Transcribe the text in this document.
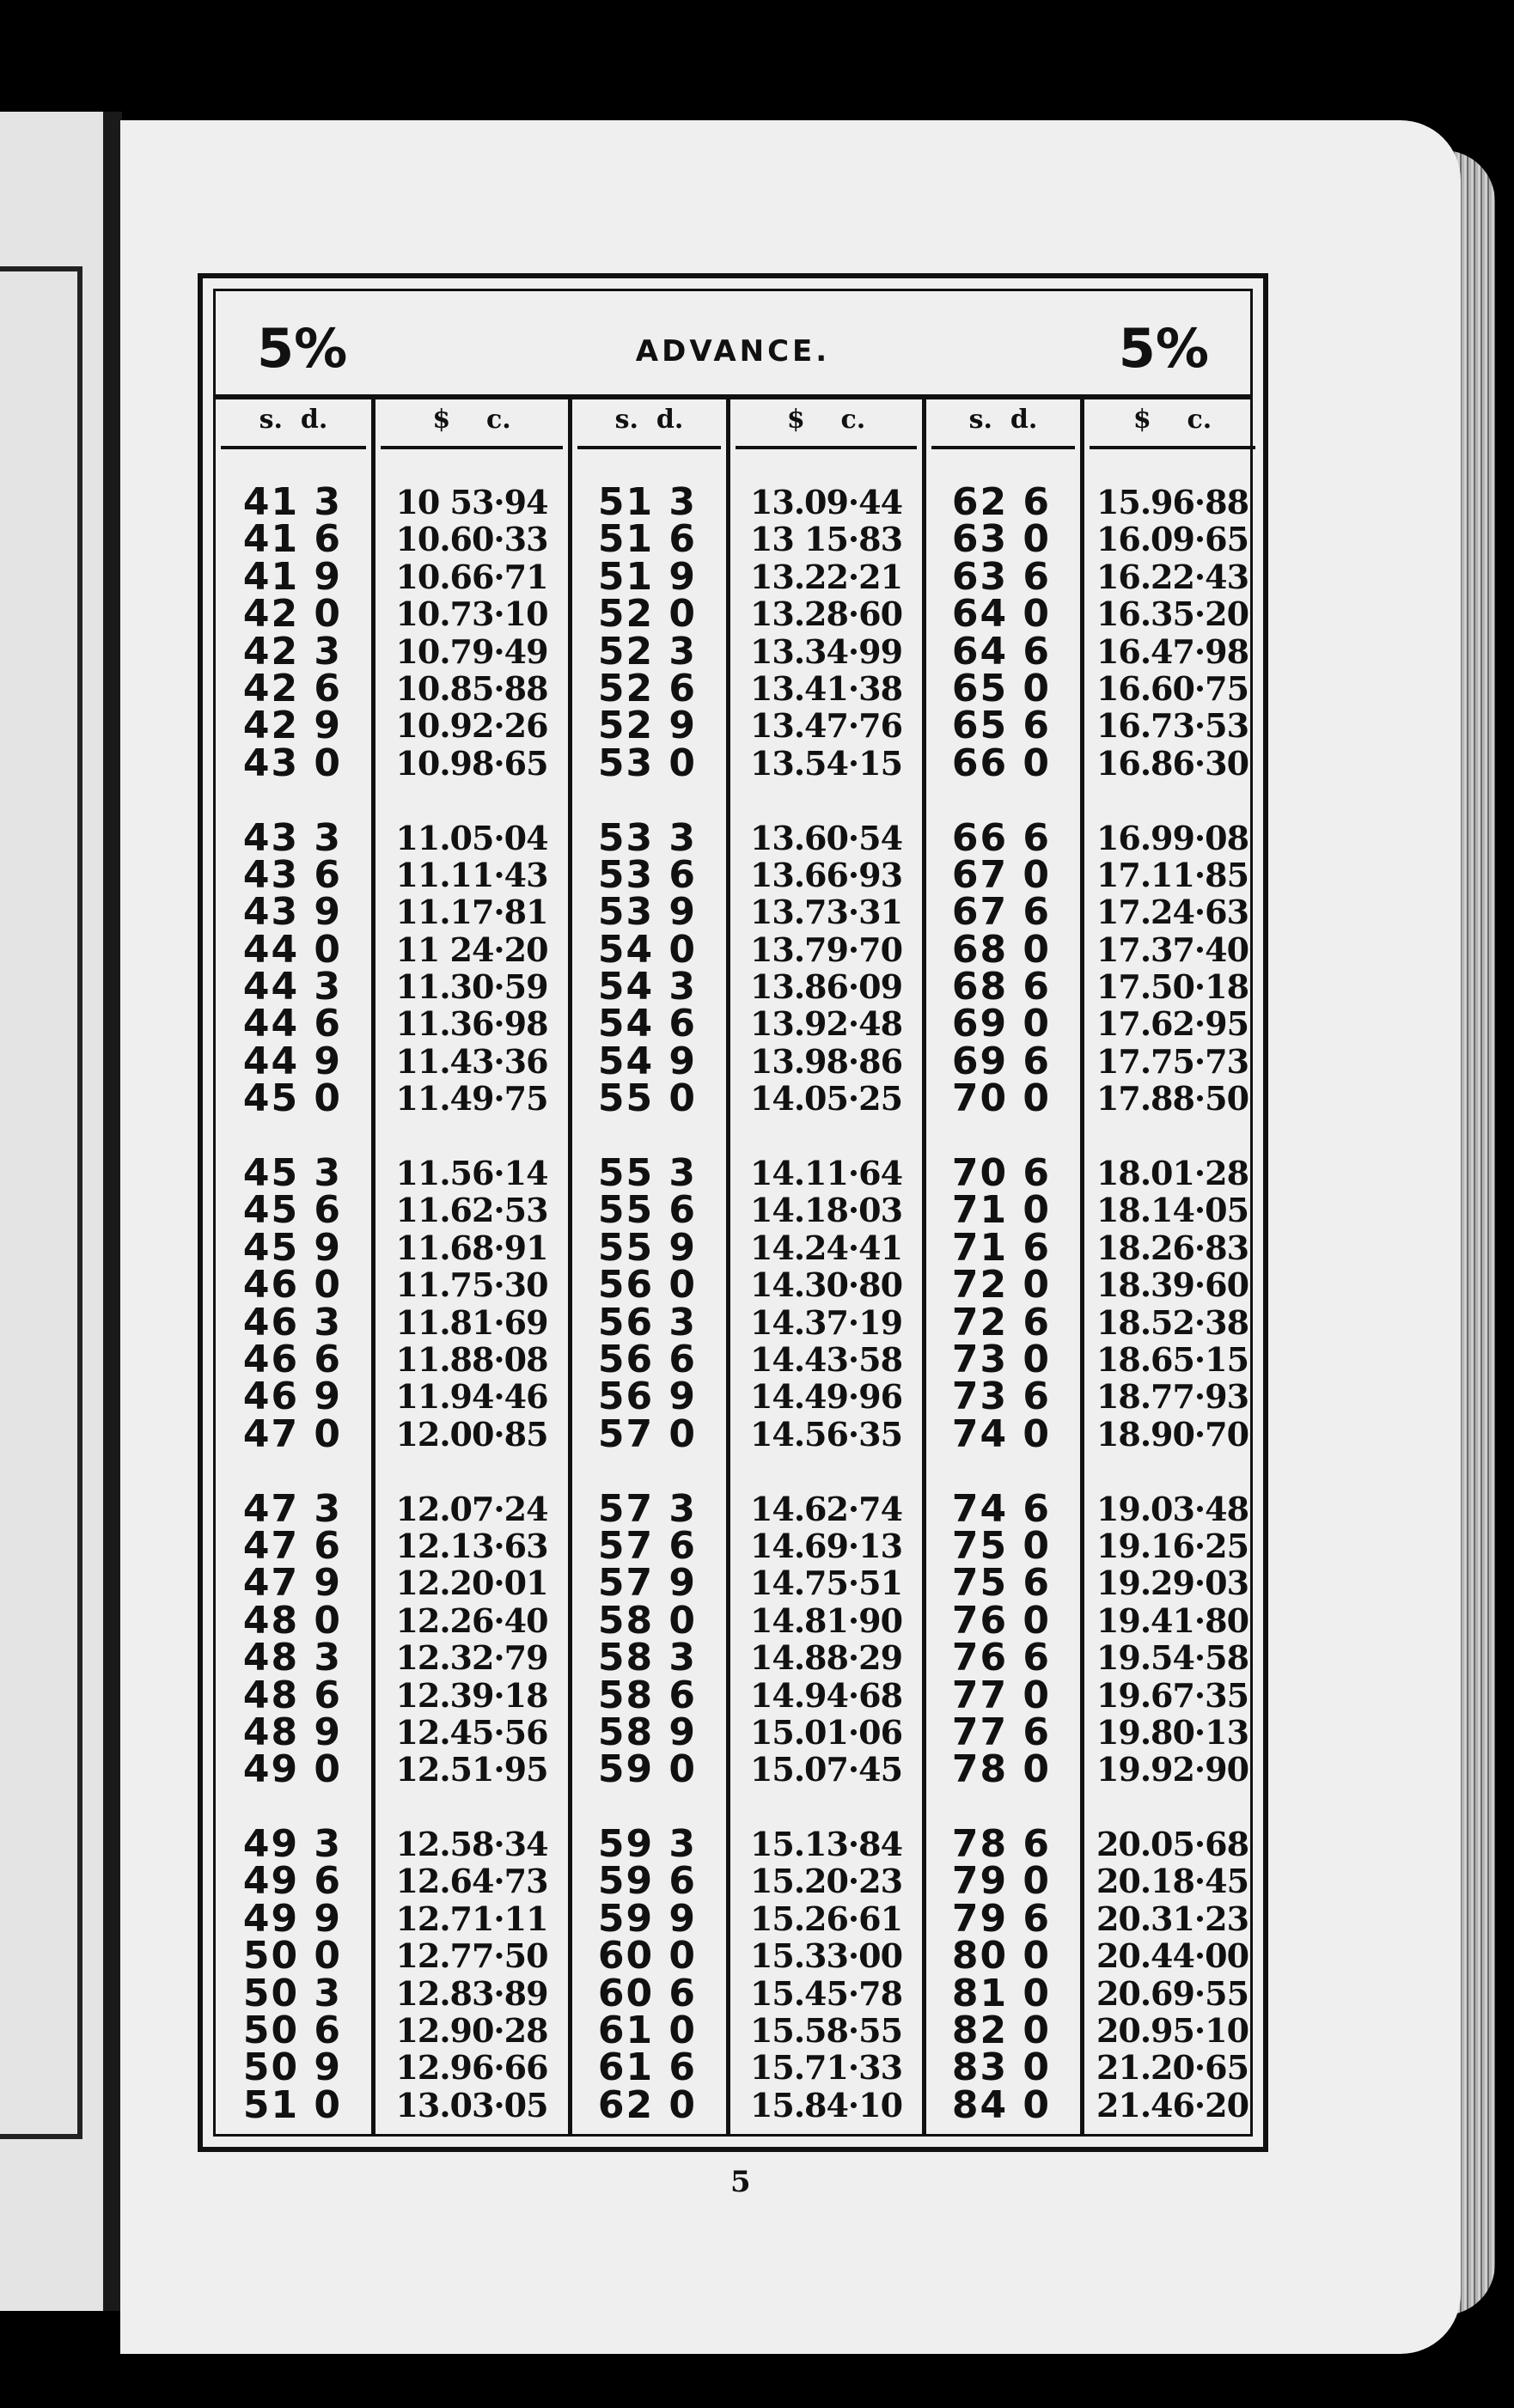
5%	ADVANCE.	5%
s.  d.
41 3
41 6
41 9
42 0
42 3
42 6
42 9
43 0
43 3
43 6
43 9
44 0
44 3
44 6
44 9
45 0
45 3
45 6
45 9
46 0
46 3
46 6
46 9
47 0
47 3
47 6
47 9
48 0
48 3
48 6
48 9
49 0
49 3
49 6
49 9
50 0
50 3
50 6
50 9
51 0
$    c.
10 53·94
10.60·33
10.66·71
10.73·10
10.79·49
10.85·88
10.92·26
10.98·65
11.05·04
11.11·43
11.17·81
11 24·20
11.30·59
11.36·98
11.43·36
11.49·75
11.56·14
11.62·53
11.68·91
11.75·30
11.81·69
11.88·08
11.94·46
12.00·85
12.07·24
12.13·63
12.20·01
12.26·40
12.32·79
12.39·18
12.45·56
12.51·95
12.58·34
12.64·73
12.71·11
12.77·50
12.83·89
12.90·28
12.96·66
13.03·05
s.  d.
51 3
51 6
51 9
52 0
52 3
52 6
52 9
53 0
53 3
53 6
53 9
54 0
54 3
54 6
54 9
55 0
55 3
55 6
55 9
56 0
56 3
56 6
56 9
57 0
57 3
57 6
57 9
58 0
58 3
58 6
58 9
59 0
59 3
59 6
59 9
60 0
60 6
61 0
61 6
62 0
$    c.
13.09·44
13 15·83
13.22·21
13.28·60
13.34·99
13.41·38
13.47·76
13.54·15
13.60·54
13.66·93
13.73·31
13.79·70
13.86·09
13.92·48
13.98·86
14.05·25
14.11·64
14.18·03
14.24·41
14.30·80
14.37·19
14.43·58
14.49·96
14.56·35
14.62·74
14.69·13
14.75·51
14.81·90
14.88·29
14.94·68
15.01·06
15.07·45
15.13·84
15.20·23
15.26·61
15.33·00
15.45·78
15.58·55
15.71·33
15.84·10
s.  d.
62 6
63 0
63 6
64 0
64 6
65 0
65 6
66 0
66 6
67 0
67 6
68 0
68 6
69 0
69 6
70 0
70 6
71 0
71 6
72 0
72 6
73 0
73 6
74 0
74 6
75 0
75 6
76 0
76 6
77 0
77 6
78 0
78 6
79 0
79 6
80 0
81 0
82 0
83 0
84 0
$    c.
15.96·88
16.09·65
16.22·43
16.35·20
16.47·98
16.60·75
16.73·53
16.86·30
16.99·08
17.11·85
17.24·63
17.37·40
17.50·18
17.62·95
17.75·73
17.88·50
18.01·28
18.14·05
18.26·83
18.39·60
18.52·38
18.65·15
18.77·93
18.90·70
19.03·48
19.16·25
19.29·03
19.41·80
19.54·58
19.67·35
19.80·13
19.92·90
20.05·68
20.18·45
20.31·23
20.44·00
20.69·55
20.95·10
21.20·65
21.46·20
5
